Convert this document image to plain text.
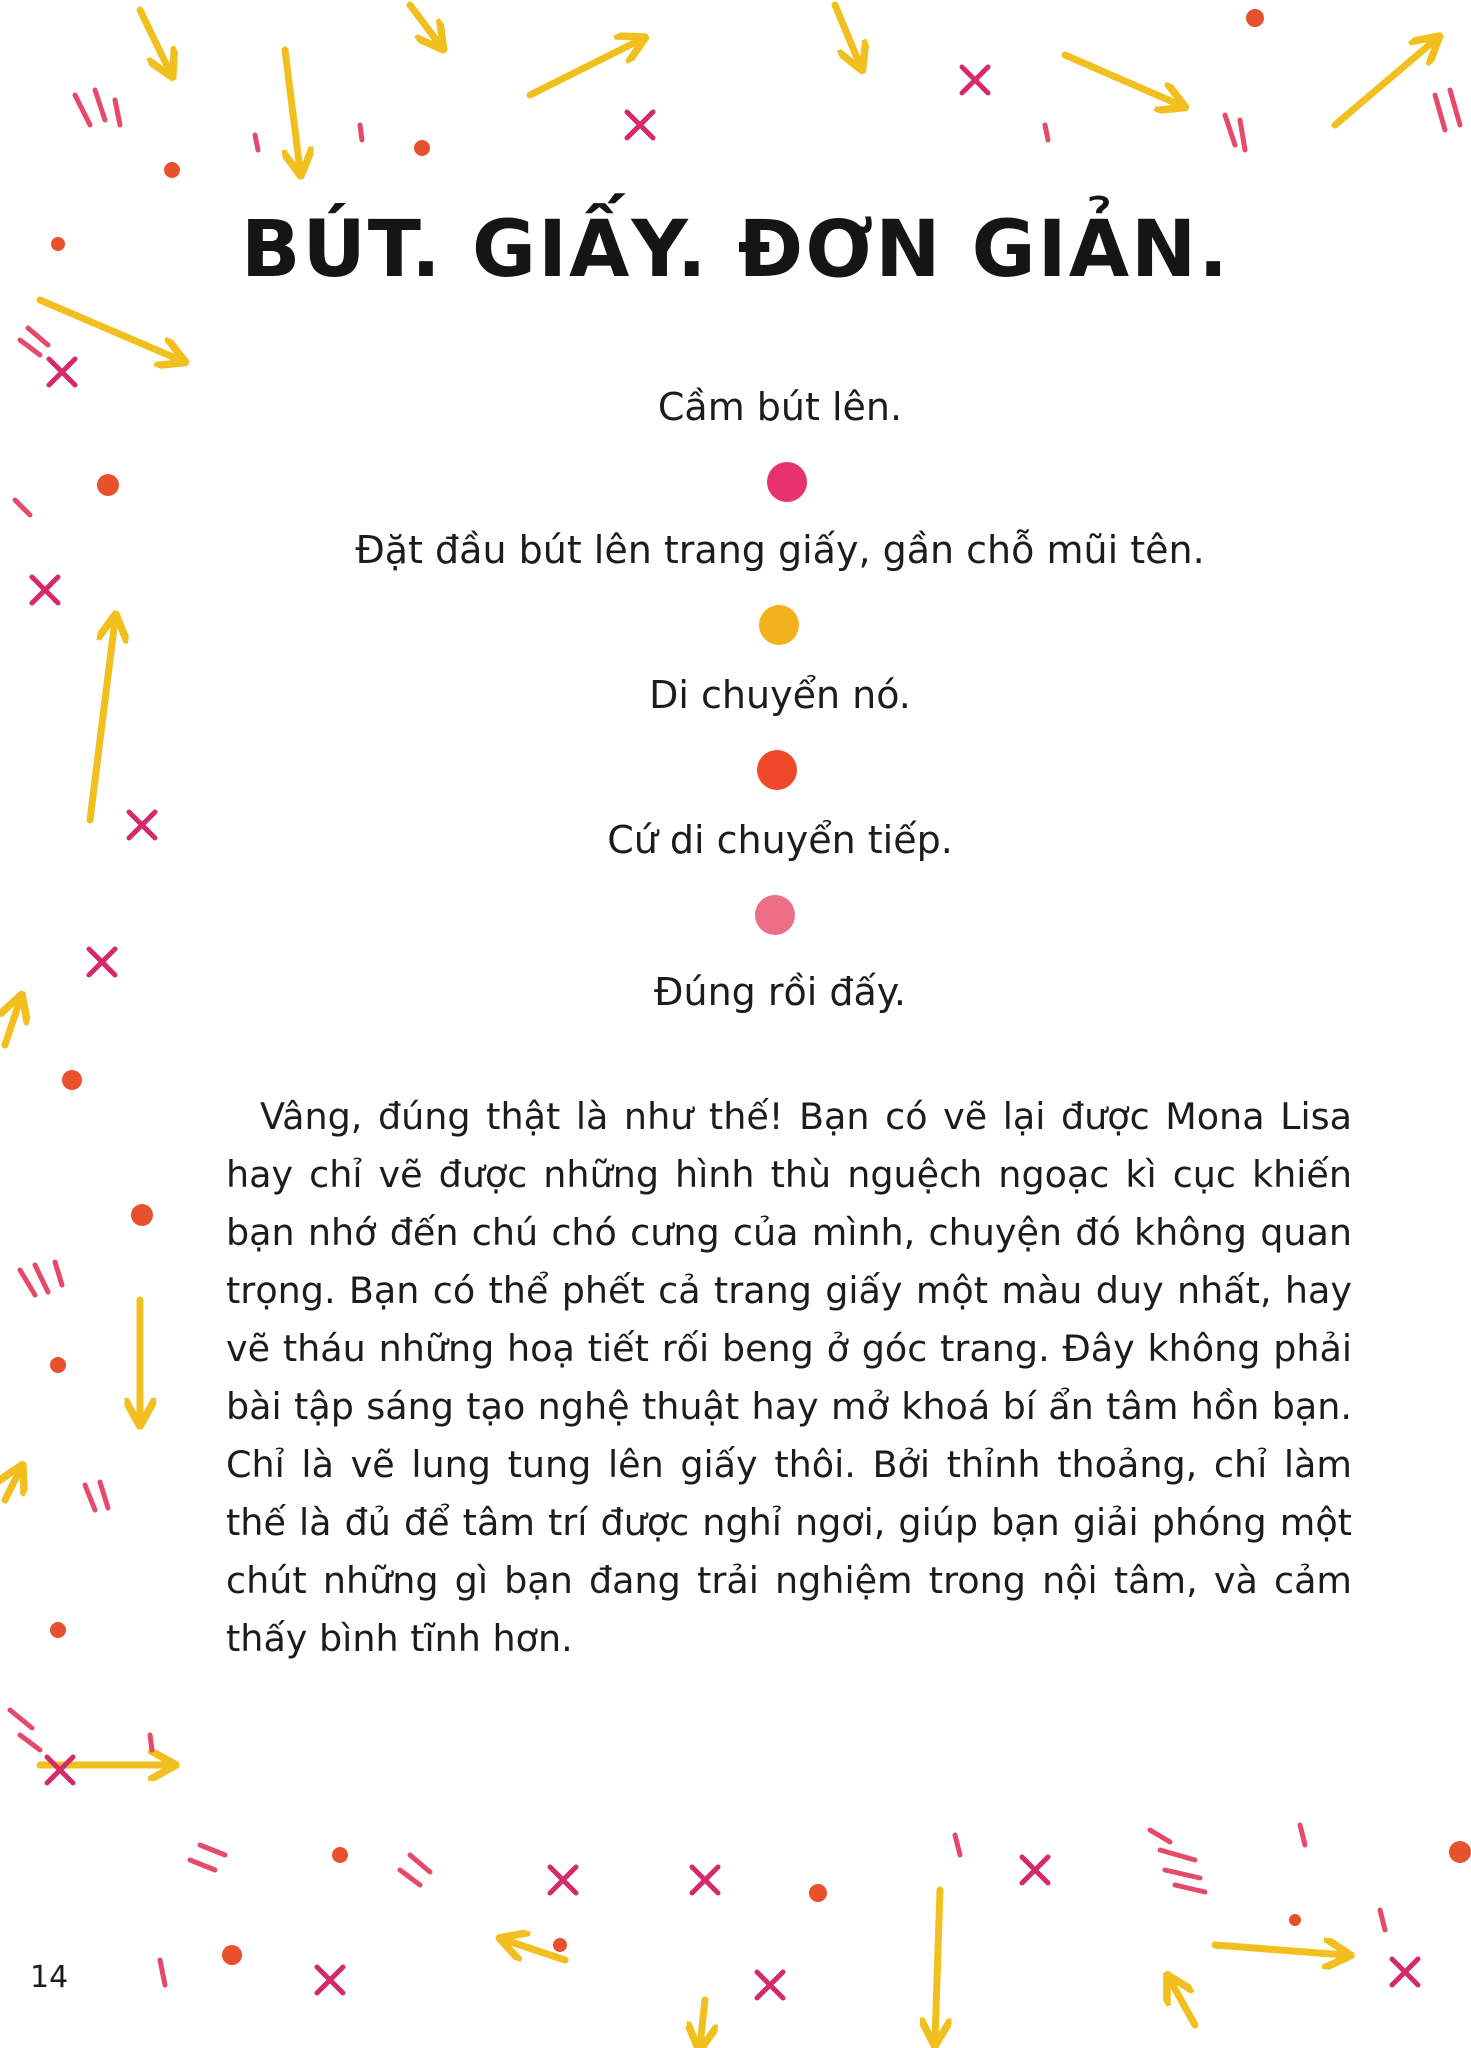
BÚT. GIẤY. ĐƠN GIẢN.
Cầm bút lên.
Đặt đầu bút lên trang giấy, gần chỗ mũi tên.
Di chuyển nó.
Cứ di chuyển tiếp.
Đúng rồi đấy.
Vâng, đúng thật là như thế! Bạn có vẽ lại được Mona Lisa hay chỉ vẽ được những hình thù nguệch ngoạc kì cục khiến bạn nhớ đến chú chó cưng của mình, chuyện đó không quan trọng. Bạn có thể phết cả trang giấy một màu duy nhất, hay vẽ tháu những hoạ tiết rối beng ở góc trang. Đây không phải bài tập sáng tạo nghệ thuật hay mở khoá bí ẩn tâm hồn bạn. Chỉ là vẽ lung tung lên giấy thôi. Bởi thỉnh thoảng, chỉ làm thế là đủ để tâm trí được nghỉ ngơi, giúp bạn giải phóng một chút những gì bạn đang trải nghiệm trong nội tâm, và cảm thấy bình tĩnh hơn.
14
